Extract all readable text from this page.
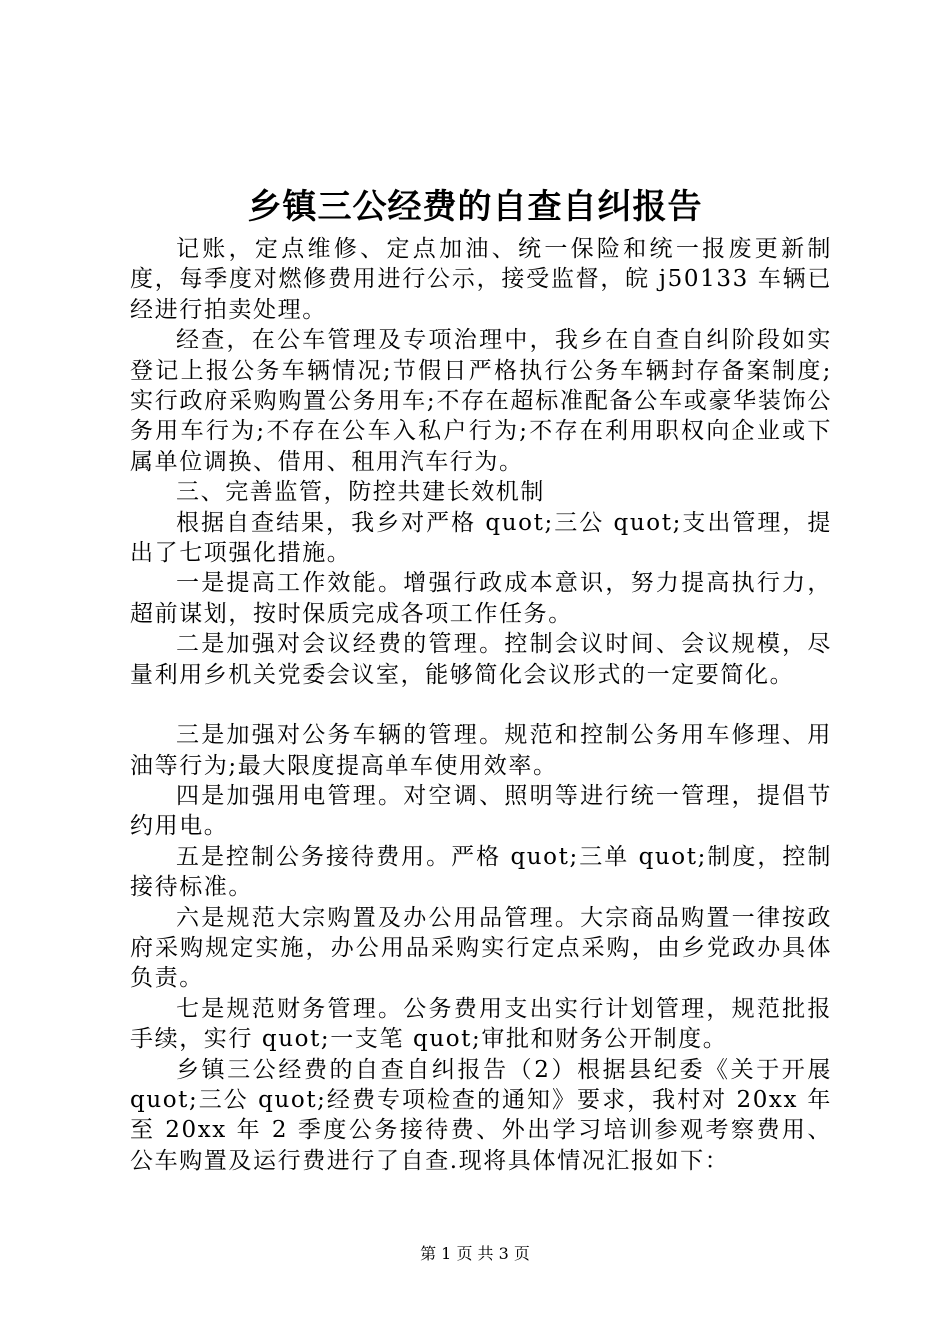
乡镇三公经费的自查自纠报告

记账，定点维修、定点加油、统一保险和统一报废更新制度，每季度对燃修费用进行公示，接受监督，皖 j50133 车辆已经进行拍卖处理。

经查，在公车管理及专项治理中，我乡在自查自纠阶段如实登记上报公务车辆情况;节假日严格执行公务车辆封存备案制度;实行政府采购购置公务用车;不存在超标准配备公车或豪华装饰公务用车行为;不存在公车入私户行为;不存在利用职权向企业或下属单位调换、借用、租用汽车行为。

三、完善监管，防控共建长效机制

根据自查结果，我乡对严格 quot;三公 quot;支出管理，提出了七项强化措施。

一是提高工作效能。增强行政成本意识，努力提高执行力，超前谋划，按时保质完成各项工作任务。

二是加强对会议经费的管理。控制会议时间、会议规模，尽量利用乡机关党委会议室，能够简化会议形式的一定要简化。

三是加强对公务车辆的管理。规范和控制公务用车修理、用油等行为;最大限度提高单车使用效率。

四是加强用电管理。对空调、照明等进行统一管理，提倡节约用电。

五是控制公务接待费用。严格 quot;三单 quot;制度，控制接待标准。

六是规范大宗购置及办公用品管理。大宗商品购置一律按政府采购规定实施，办公用品采购实行定点采购，由乡党政办具体负责。

七是规范财务管理。公务费用支出实行计划管理，规范批报手续，实行 quot;一支笔 quot;审批和财务公开制度。

乡镇三公经费的自查自纠报告（2）根据县纪委《关于开展 quot;三公 quot;经费专项检查的通知》要求，我村对 20xx 年至 20xx 年 2 季度公务接待费、外出学习培训参观考察费用、公车购置及运行费进行了自查.现将具体情况汇报如下：

第 1 页 共 3 页
